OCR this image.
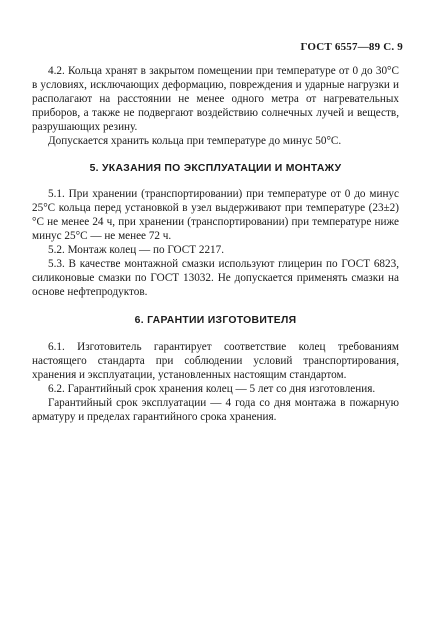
ГОСТ 6557—89 С. 9

4.2. Кольца хранят в закрытом помещении при температуре от 0 до 30°С в условиях, исключающих деформацию, повреждения и ударные нагрузки и располагают на расстоянии не менее одного метра от нагревательных приборов, а также не подвергают воздействию солнечных лучей и веществ, разрушающих резину.

Допускается хранить кольца при температуре до минус 50°С.

5. УКАЗАНИЯ ПО ЭКСПЛУАТАЦИИ И МОНТАЖУ

5.1. При хранении (транспортировании) при температуре от 0 до минус 25°С кольца перед установкой в узел выдерживают при температуре (23±2)°С не менее 24 ч, при хранении (транспортировании) при температуре ниже минус 25°С — не менее 72 ч.

5.2. Монтаж колец — по ГОСТ 2217.

5.3. В качестве монтажной смазки используют глицерин по ГОСТ 6823, силиконовые смазки по ГОСТ 13032. Не допускается применять смазки на основе нефтепродуктов.

6. ГАРАНТИИ ИЗГОТОВИТЕЛЯ

6.1. Изготовитель гарантирует соответствие колец требованиям настоящего стандарта при соблюдении условий транспортирования, хранения и эксплуатации, установленных настоящим стандартом.

6.2. Гарантийный срок хранения колец — 5 лет со дня изготовления.

Гарантийный срок эксплуатации — 4 года со дня монтажа в пожарную арматуру и пределах гарантийного срока хранения.
